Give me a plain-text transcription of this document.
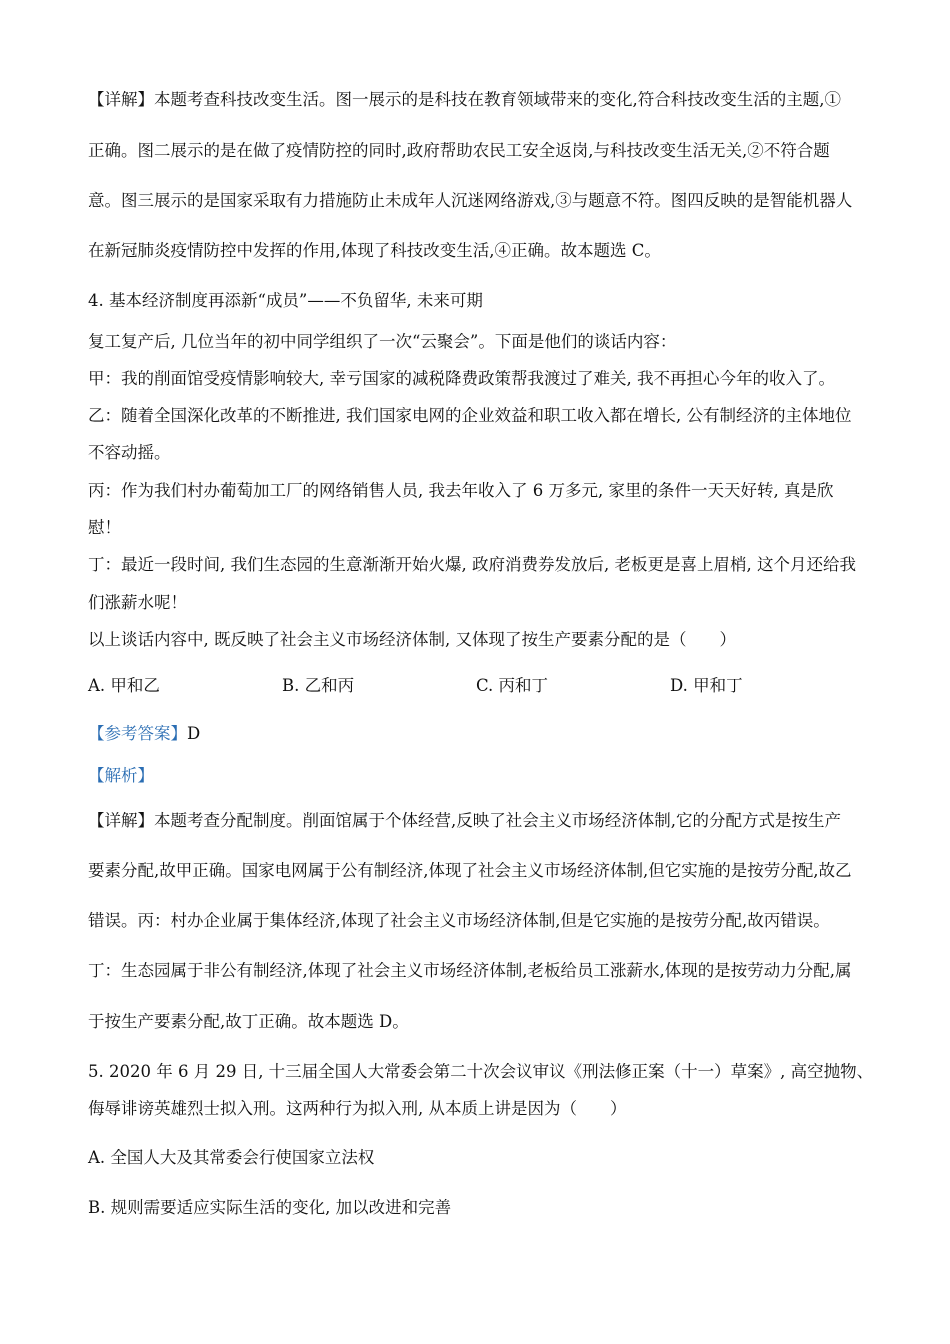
【详解】本题考查科技改变生活。图一展示的是科技在教育领域带来的变化,符合科技改变生活的主题,①
正确。图二展示的是在做了疫情防控的同时,政府帮助农民工安全返岗,与科技改变生活无关,②不符合题
意。图三展示的是国家采取有力措施防止未成年人沉迷网络游戏,③与题意不符。图四反映的是智能机器人
在新冠肺炎疫情防控中发挥的作用,体现了科技改变生活,④正确。故本题选 C。
4. 基本经济制度再添新“成员”——不负留华, 未来可期
复工复产后, 几位当年的初中同学组织了一次“云聚会”。下面是他们的谈话内容：
甲：我的削面馆受疫情影响较大, 幸亏国家的减税降费政策帮我渡过了难关, 我不再担心今年的收入了。
乙：随着全国深化改革的不断推进, 我们国家电网的企业效益和职工收入都在增长, 公有制经济的主体地位
不容动摇。
丙：作为我们村办葡萄加工厂的网络销售人员, 我去年收入了 6 万多元, 家里的条件一天天好转, 真是欣
慰！
丁：最近一段时间, 我们生态园的生意渐渐开始火爆, 政府消费券发放后, 老板更是喜上眉梢, 这个月还给我
们涨薪水呢！
以上谈话内容中, 既反映了社会主义市场经济体制, 又体现了按生产要素分配的是（　　）
A. 甲和乙	B. 乙和丙	C. 丙和丁	D. 甲和丁
【参考答案】D
【解析】
【详解】本题考查分配制度。削面馆属于个体经营,反映了社会主义市场经济体制,它的分配方式是按生产
要素分配,故甲正确。国家电网属于公有制经济,体现了社会主义市场经济体制,但它实施的是按劳分配,故乙
错误。丙：村办企业属于集体经济,体现了社会主义市场经济体制,但是它实施的是按劳分配,故丙错误。
丁：生态园属于非公有制经济,体现了社会主义市场经济体制,老板给员工涨薪水,体现的是按劳动力分配,属
于按生产要素分配,故丁正确。故本题选 D。
5. 2020 年 6 月 29 日, 十三届全国人大常委会第二十次会议审议《刑法修正案（十一）草案》, 高空抛物、
侮辱诽谤英雄烈士拟入刑。这两种行为拟入刑, 从本质上讲是因为（　　）
A. 全国人大及其常委会行使国家立法权
B. 规则需要适应实际生活的变化, 加以改进和完善
